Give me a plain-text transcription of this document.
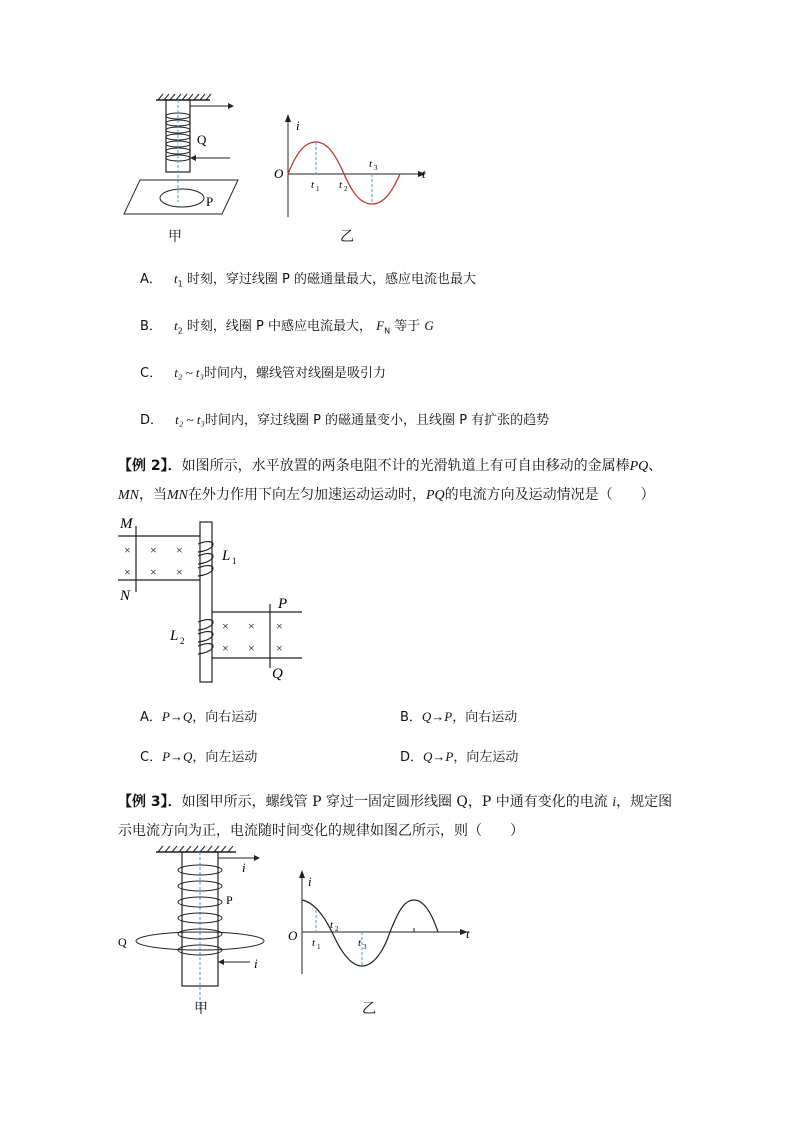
Q
P
甲
i
t
O
t 1 t 2
t 3
乙
A． $t_1$ 时刻，穿过线圈 P 的磁通量最大，感应电流也最大
B． $t_2$ 时刻，线圈 P 中感应电流最大， $F_N$ 等于 G
C． t₂ ~ t₃时间内，螺线管对线圈是吸引力
D． t₂ ~ t₃时间内，穿过线圈 P 的磁通量变小，且线圈 P 有扩张的趋势
【例 2】．如图所示，水平放置的两条电阻不计的光滑轨道上有可自由移动的金属棒PQ、
MN，当MN在外力作用下向左匀加速运动运动时，PQ的电流方向及运动情况是（　　）
M
N
× × ×
× × ×
L 1
P
Q
L 2
× × ×
× × ×
A．P→Q，向右运动	B．Q→P，向右运动
C．P→Q，向左运动	D．Q→P，向左运动
【例 3】．如图甲所示，螺线管 P 穿过一固定圆形线圈 Q，P 中通有变化的电流 i，规定图
示电流方向为正，电流随时间变化的规律如图乙所示，则（　　）
Q
P
i
i
甲
i
t
O t 1
t 2
t 3
乙
